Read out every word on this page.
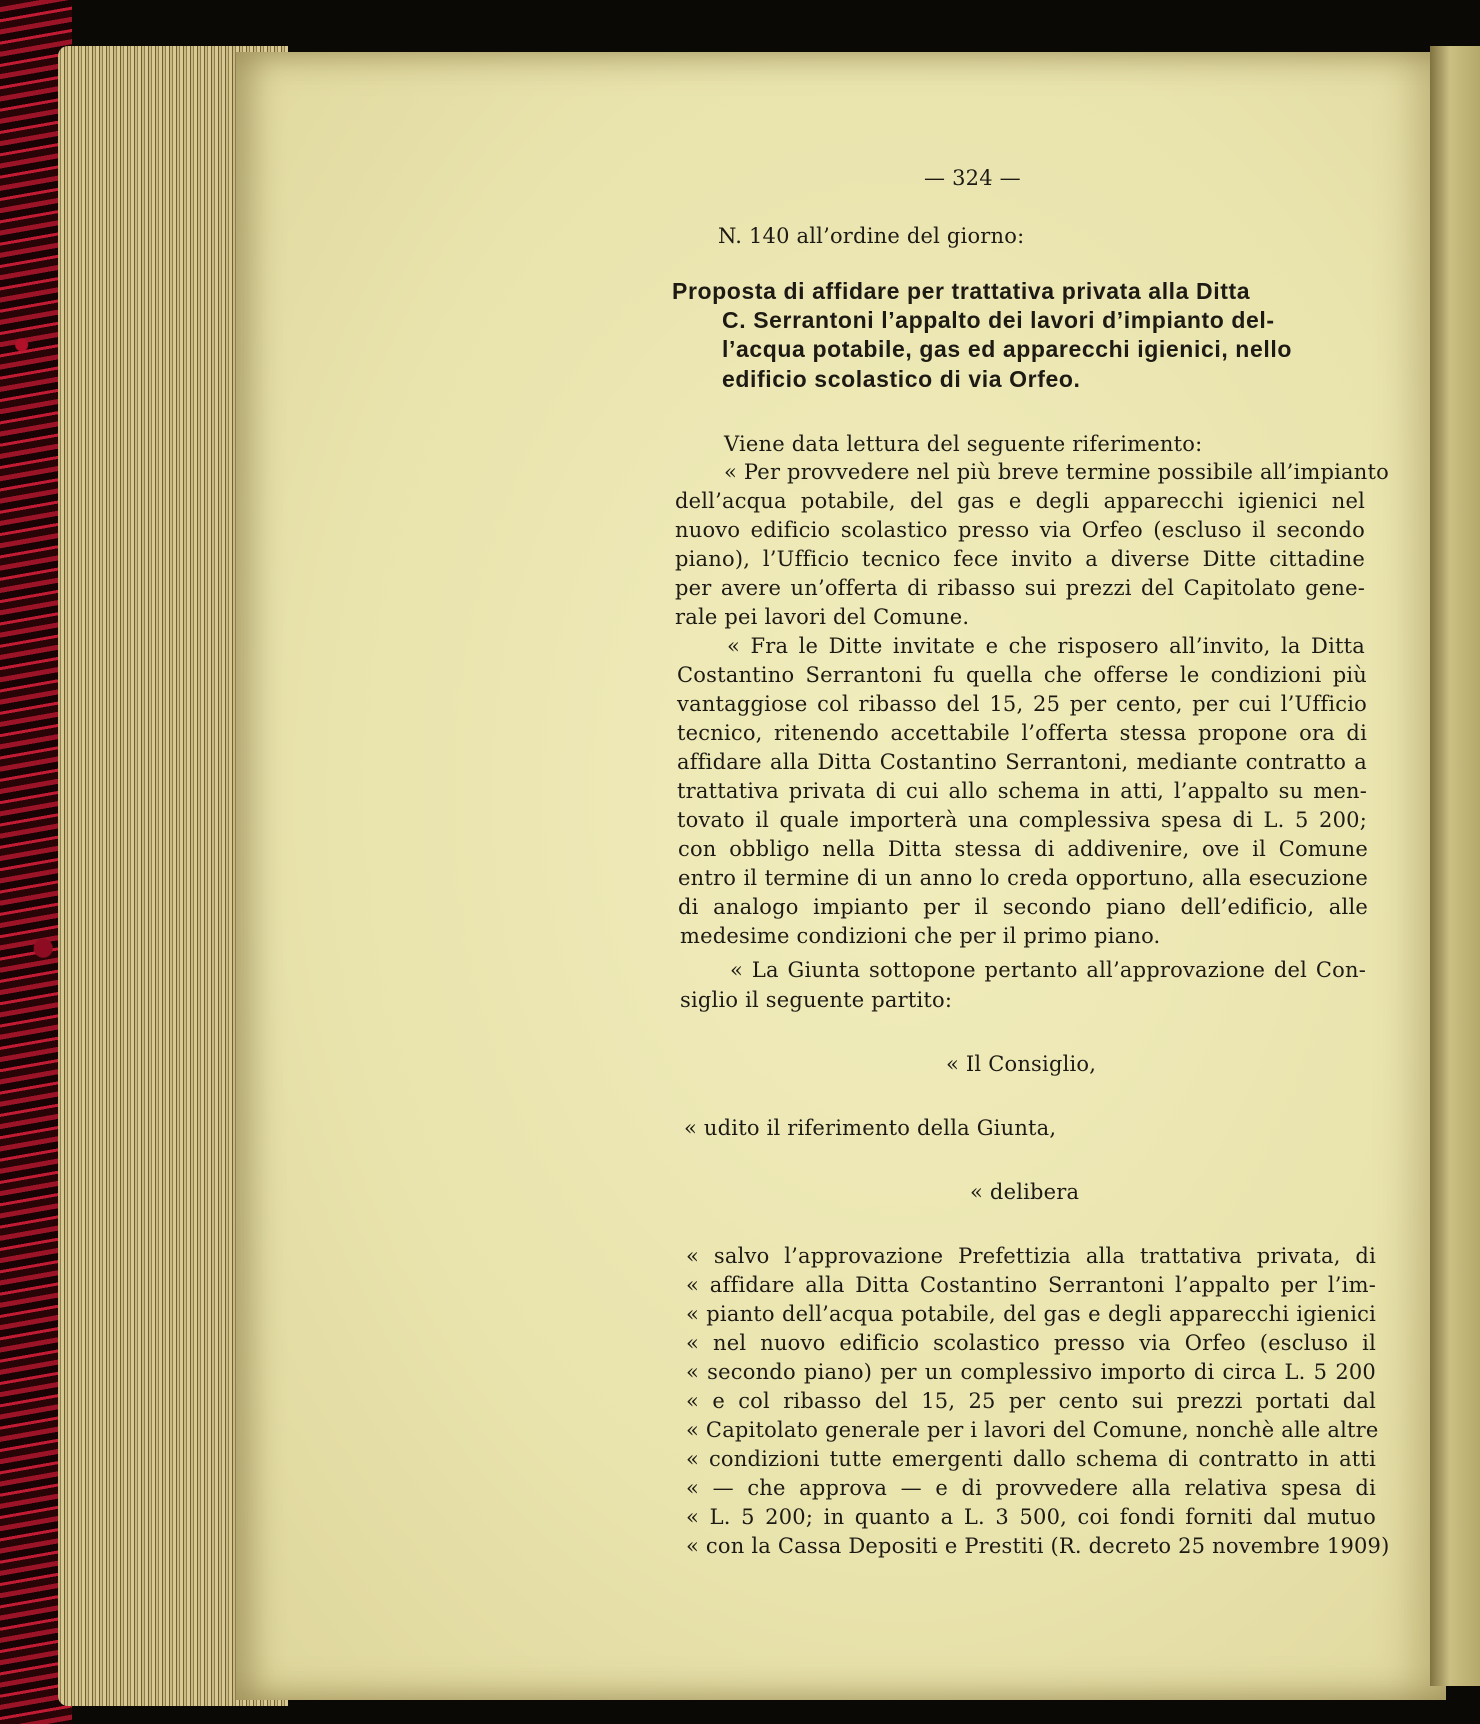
— 324 —
N. 140 all’ordine del giorno:
Proposta di affidare per trattativa privata alla Ditta
C. Serrantoni l’appalto dei lavori d’impianto del-
l’acqua potabile, gas ed apparecchi igienici, nello
edificio scolastico di via Orfeo.
Viene data lettura del seguente riferimento:
« Per provvedere nel più breve termine possibile all’impianto
dell’acqua potabile, del gas e degli apparecchi igienici nel
nuovo edificio scolastico presso via Orfeo (escluso il secondo
piano), l’Ufficio tecnico fece invito a diverse Ditte cittadine
per avere un’offerta di ribasso sui prezzi del Capitolato gene-
rale pei lavori del Comune.
« Fra le Ditte invitate e che risposero all’invito, la Ditta
Costantino Serrantoni fu quella che offerse le condizioni più
vantaggiose col ribasso del 15, 25 per cento, per cui l’Ufficio
tecnico, ritenendo accettabile l’offerta stessa propone ora di
affidare alla Ditta Costantino Serrantoni, mediante contratto a
trattativa privata di cui allo schema in atti, l’appalto su men-
tovato il quale importerà una complessiva spesa di L. 5 200;
con obbligo nella Ditta stessa di addivenire, ove il Comune
entro il termine di un anno lo creda opportuno, alla esecuzione
di analogo impianto per il secondo piano dell’edificio, alle
medesime condizioni che per il primo piano.
« La Giunta sottopone pertanto all’approvazione del Con-
siglio il seguente partito:
« Il Consiglio,
« udito il riferimento della Giunta,
« delibera
« salvo l’approvazione Prefettizia alla trattativa privata, di
« affidare alla Ditta Costantino Serrantoni l’appalto per l’im-
« pianto dell’acqua potabile, del gas e degli apparecchi igienici
« nel nuovo edificio scolastico presso via Orfeo (escluso il
« secondo piano) per un complessivo importo di circa L. 5 200
« e col ribasso del 15, 25 per cento sui prezzi portati dal
« Capitolato generale per i lavori del Comune, nonchè alle altre
« condizioni tutte emergenti dallo schema di contratto in atti
« — che approva — e di provvedere alla relativa spesa di
« L. 5 200; in quanto a L. 3 500, coi fondi forniti dal mutuo
« con la Cassa Depositi e Prestiti (R. decreto 25 novembre 1909)
